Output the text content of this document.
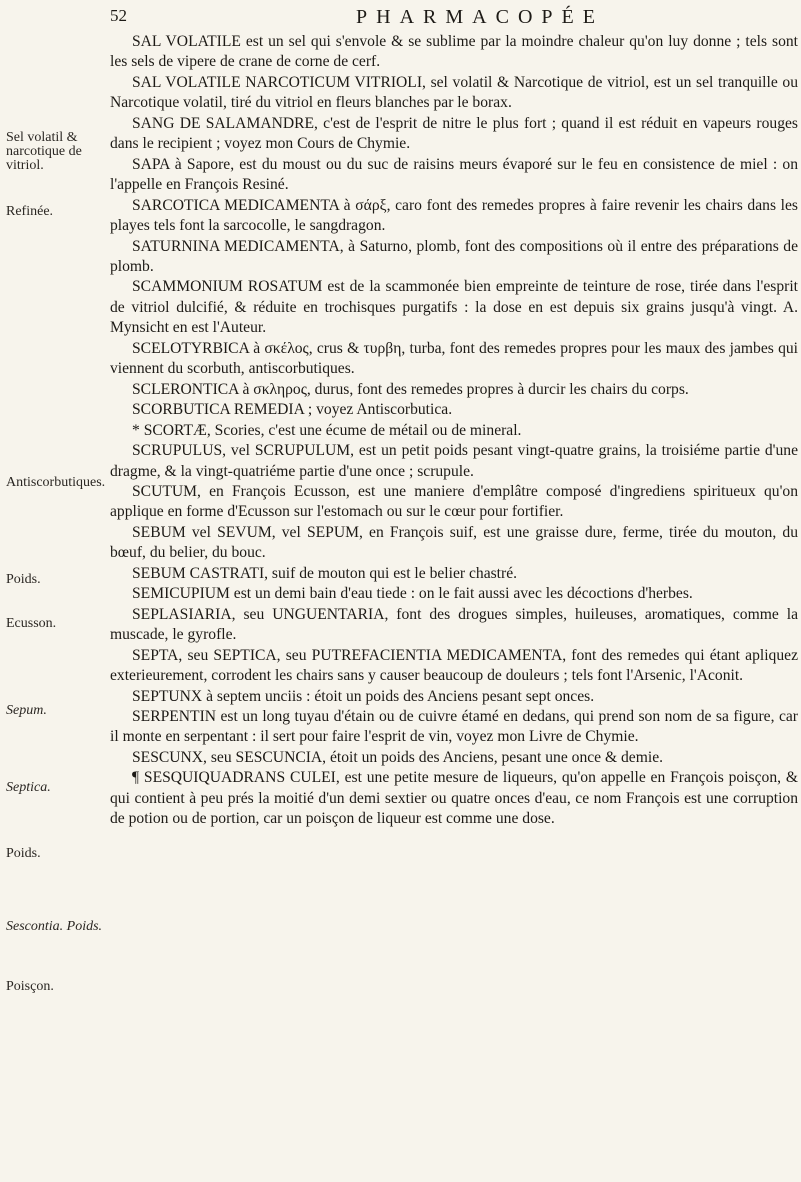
52	PHARMACOPÉE
Sel volatil & narcotique de vitriol.
Refinée.
Antiscorbutiques.
Poids.
Ecusson.
Sepum.
Septica.
Poids.
Sescontia. Poids.
Poisçon.

SAL VOLATILE est un sel qui s'envole & se sublime par la moindre chaleur qu'on luy donne ; tels sont les sels de vipere de crane de corne de cerf.

SAL VOLATILE NARCOTICUM VITRIOLI, sel volatil & Narcotique de vitriol, est un sel tranquille ou Narcotique volatil, tiré du vitriol en fleurs blanches par le borax.

SANG DE SALAMANDRE, c'est de l'esprit de nitre le plus fort ; quand il est réduit en vapeurs rouges dans le recipient ; voyez mon Cours de Chymie.

SAPA à Sapore, est du moust ou du suc de raisins meurs évaporé sur le feu en consistence de miel : on l'appelle en François Resiné.

SARCOTICA MEDICAMENTA à σάρξ, caro font des remedes propres à faire revenir les chairs dans les playes tels font la sarcocolle, le sangdragon.

SATURNINA MEDICAMENTA, à Saturno, plomb, font des compositions où il entre des préparations de plomb.

SCAMMONIUM ROSATUM est de la scammonée bien empreinte de teinture de rose, tirée dans l'esprit de vitriol dulcifié, & réduite en trochisques purgatifs : la dose en est depuis six grains jusqu'à vingt. A. Mynsicht en est l'Auteur.

SCELOTYRBICA à σκέλος, crus & τυρβη, turba, font des remedes propres pour les maux des jambes qui viennent du scorbuth, antiscorbutiques.

SCLERONTICA à σκληρος, durus, font des remedes propres à durcir les chairs du corps.

SCORBUTICA REMEDIA ; voyez Antiscorbutica.

* SCORTÆ, Scories, c'est une écume de métail ou de mineral.

SCRUPULUS, vel SCRUPULUM, est un petit poids pesant vingt-quatre grains, la troisiéme partie d'une dragme, & la vingt-quatriéme partie d'une once ; scrupule.

SCUTUM, en François Ecusson, est une maniere d'emplâtre composé d'ingrediens spiritueux qu'on applique en forme d'Ecusson sur l'estomach ou sur le cœur pour fortifier.

SEBUM vel SEVUM, vel SEPUM, en François suif, est une graisse dure, ferme, tirée du mouton, du bœuf, du belier, du bouc.

SEBUM CASTRATI, suif de mouton qui est le belier chastré.

SEMICUPIUM est un demi bain d'eau tiede : on le fait aussi avec les décoctions d'herbes.

SEPLASIARIA, seu UNGUENTARIA, font des drogues simples, huileuses, aromatiques, comme la muscade, le gyrofle.

SEPTA, seu SEPTICA, seu PUTREFACIENTIA MEDICAMENTA, font des remedes qui étant apliquez exterieurement, corrodent les chairs sans y causer beaucoup de douleurs ; tels font l'Arsenic, l'Aconit.

SEPTUNX à septem unciis : étoit un poids des Anciens pesant sept onces.

SERPENTIN est un long tuyau d'étain ou de cuivre étamé en dedans, qui prend son nom de sa figure, car il monte en serpentant : il sert pour faire l'esprit de vin, voyez mon Livre de Chymie.

SESCUNX, seu SESCUNCIA, étoit un poids des Anciens, pesant une once & demie.

¶ SESQUIQUADRANS CULEI, est une petite mesure de liqueurs, qu'on appelle en François poisçon, & qui contient à peu prés la moitié d'un demi sextier ou quatre onces d'eau, ce nom François est une corruption de potion ou de portion, car un poisçon de liqueur est comme une dose.
